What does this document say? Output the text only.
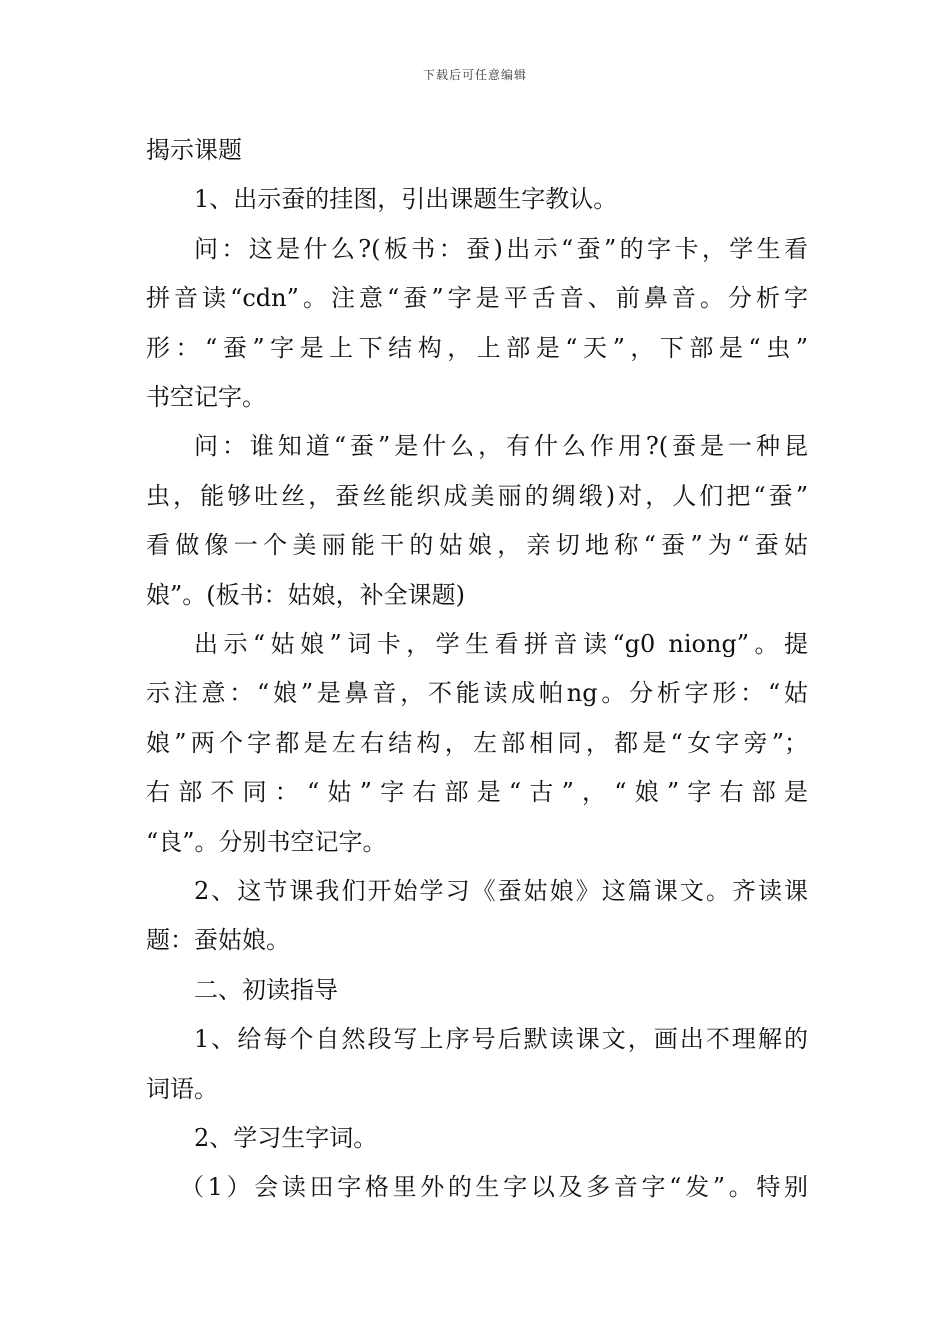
下载后可任意编辑
揭示课题
1、出示蚕的挂图，引出课题生字教认。
问：这是什么?(板书：蚕)出示“蚕”的字卡，学生看
拼音读“cdn”。注意“蚕”字是平舌音、前鼻音。分析字
形：“蚕”字是上下结构，上部是“天”，下部是“虫”
书空记字。
问：谁知道“蚕”是什么，有什么作用?(蚕是一种昆
虫，能够吐丝，蚕丝能织成美丽的绸缎)对，人们把“蚕”
看做像一个美丽能干的姑娘，亲切地称“蚕”为“蚕姑
娘”。(板书：姑娘，补全课题)
出示“姑娘”词卡，学生看拼音读“g0 niong”。提
示注意：“娘”是鼻音，不能读成帕ng。分析字形：“姑
娘”两个字都是左右结构，左部相同，都是“女字旁”；
右部不同：“姑”字右部是“古”，“娘”字右部是
“良”。分别书空记字。
2、这节课我们开始学习《蚕姑娘》这篇课文。齐读课
题：蚕姑娘。
二、初读指导
1、给每个自然段写上序号后默读课文，画出不理解的
词语。
2、学习生字词。
（1）会读田字格里外的生字以及多音字“发”。特别
